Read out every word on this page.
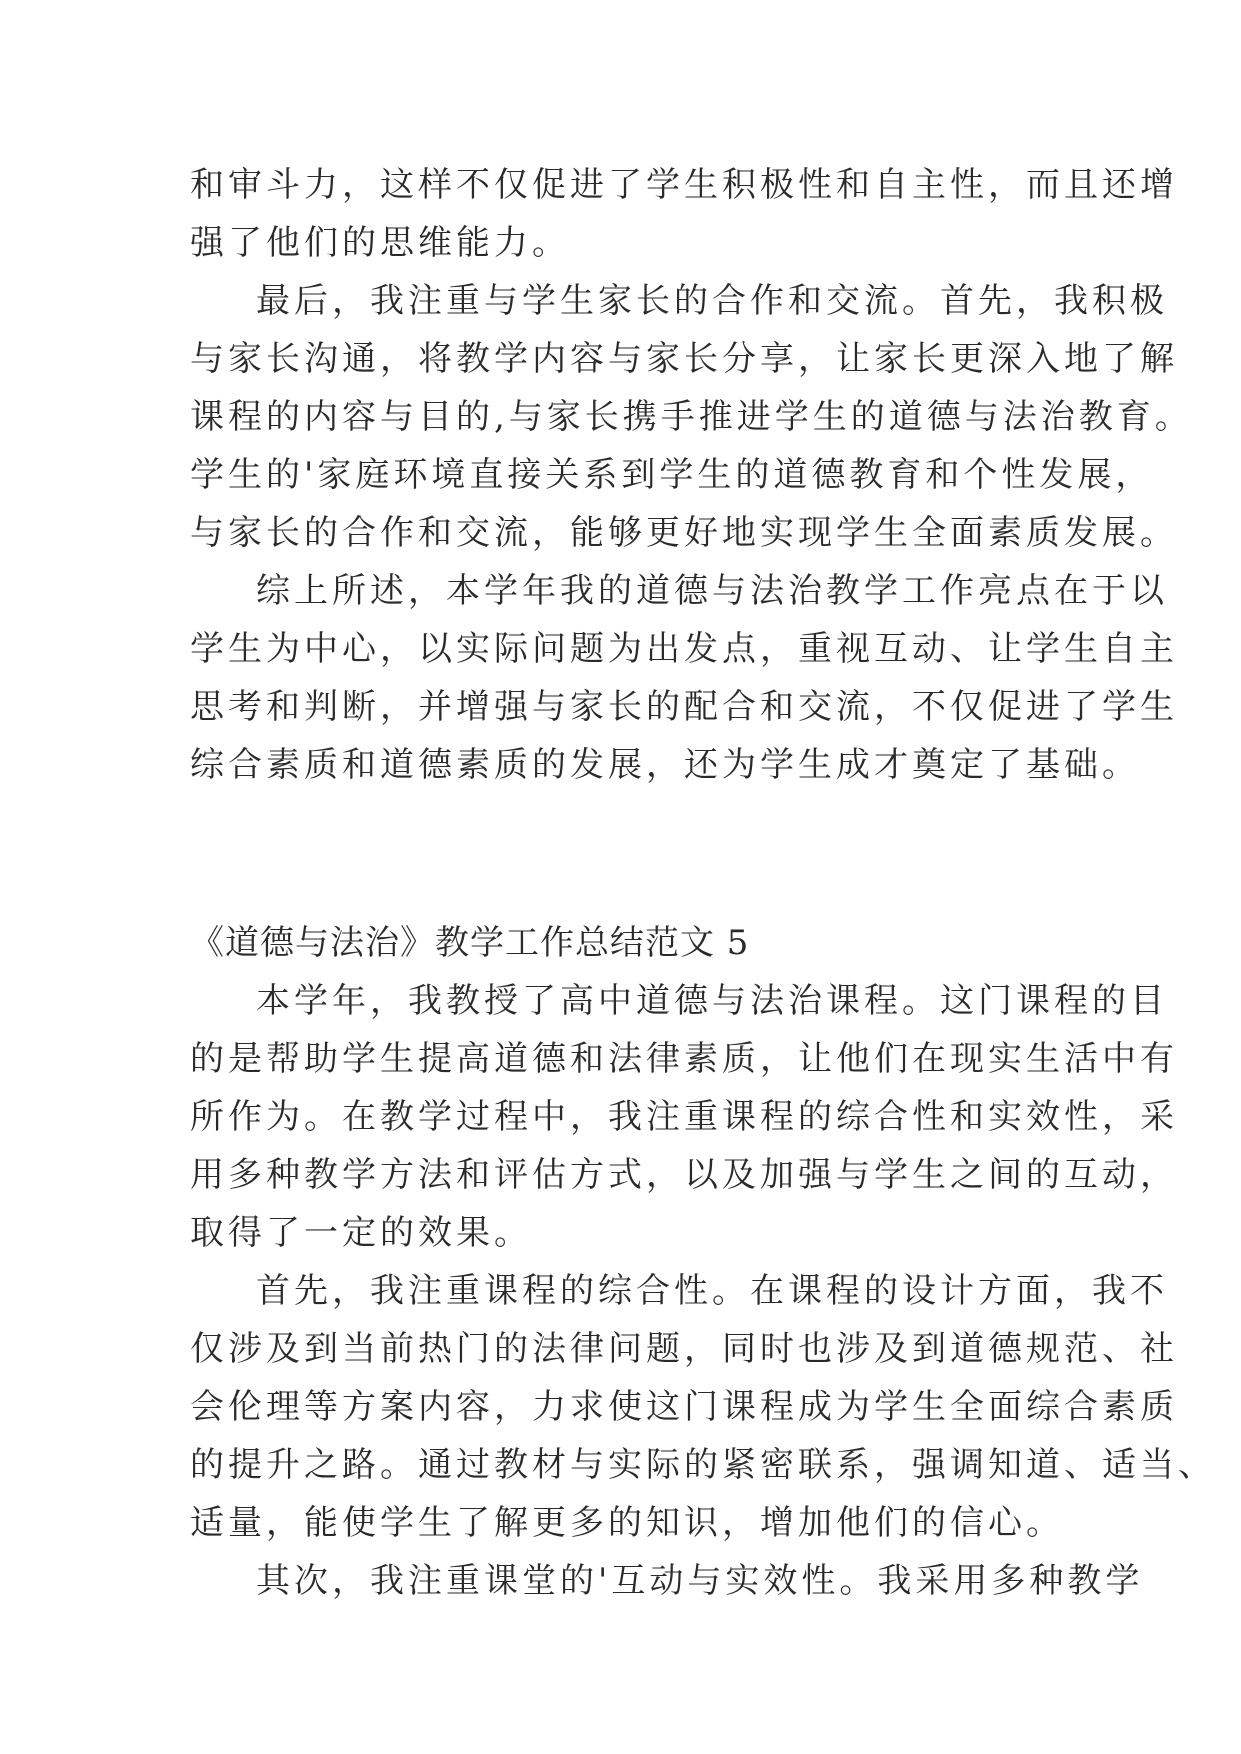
和审斗力，这样不仅促进了学生积极性和自主性，而且还增
强了他们的思维能力。
最后，我注重与学生家长的合作和交流。首先，我积极
与家长沟通，将教学内容与家长分享，让家长更深入地了解
课程的内容与目的,与家长携手推进学生的道德与法治教育。
学生的'家庭环境直接关系到学生的道德教育和个性发展，
与家长的合作和交流，能够更好地实现学生全面素质发展。
综上所述，本学年我的道德与法治教学工作亮点在于以
学生为中心，以实际问题为出发点，重视互动、让学生自主
思考和判断，并增强与家长的配合和交流，不仅促进了学生
综合素质和道德素质的发展，还为学生成才奠定了基础。
《道德与法治》教学工作总结范文 5
本学年，我教授了高中道德与法治课程。这门课程的目
的是帮助学生提高道德和法律素质，让他们在现实生活中有
所作为。在教学过程中，我注重课程的综合性和实效性，采
用多种教学方法和评估方式，以及加强与学生之间的互动，
取得了一定的效果。
首先，我注重课程的综合性。在课程的设计方面，我不
仅涉及到当前热门的法律问题，同时也涉及到道德规范、社
会伦理等方案内容，力求使这门课程成为学生全面综合素质
的提升之路。通过教材与实际的紧密联系，强调知道、适当、
适量，能使学生了解更多的知识，增加他们的信心。
其次，我注重课堂的'互动与实效性。我采用多种教学
